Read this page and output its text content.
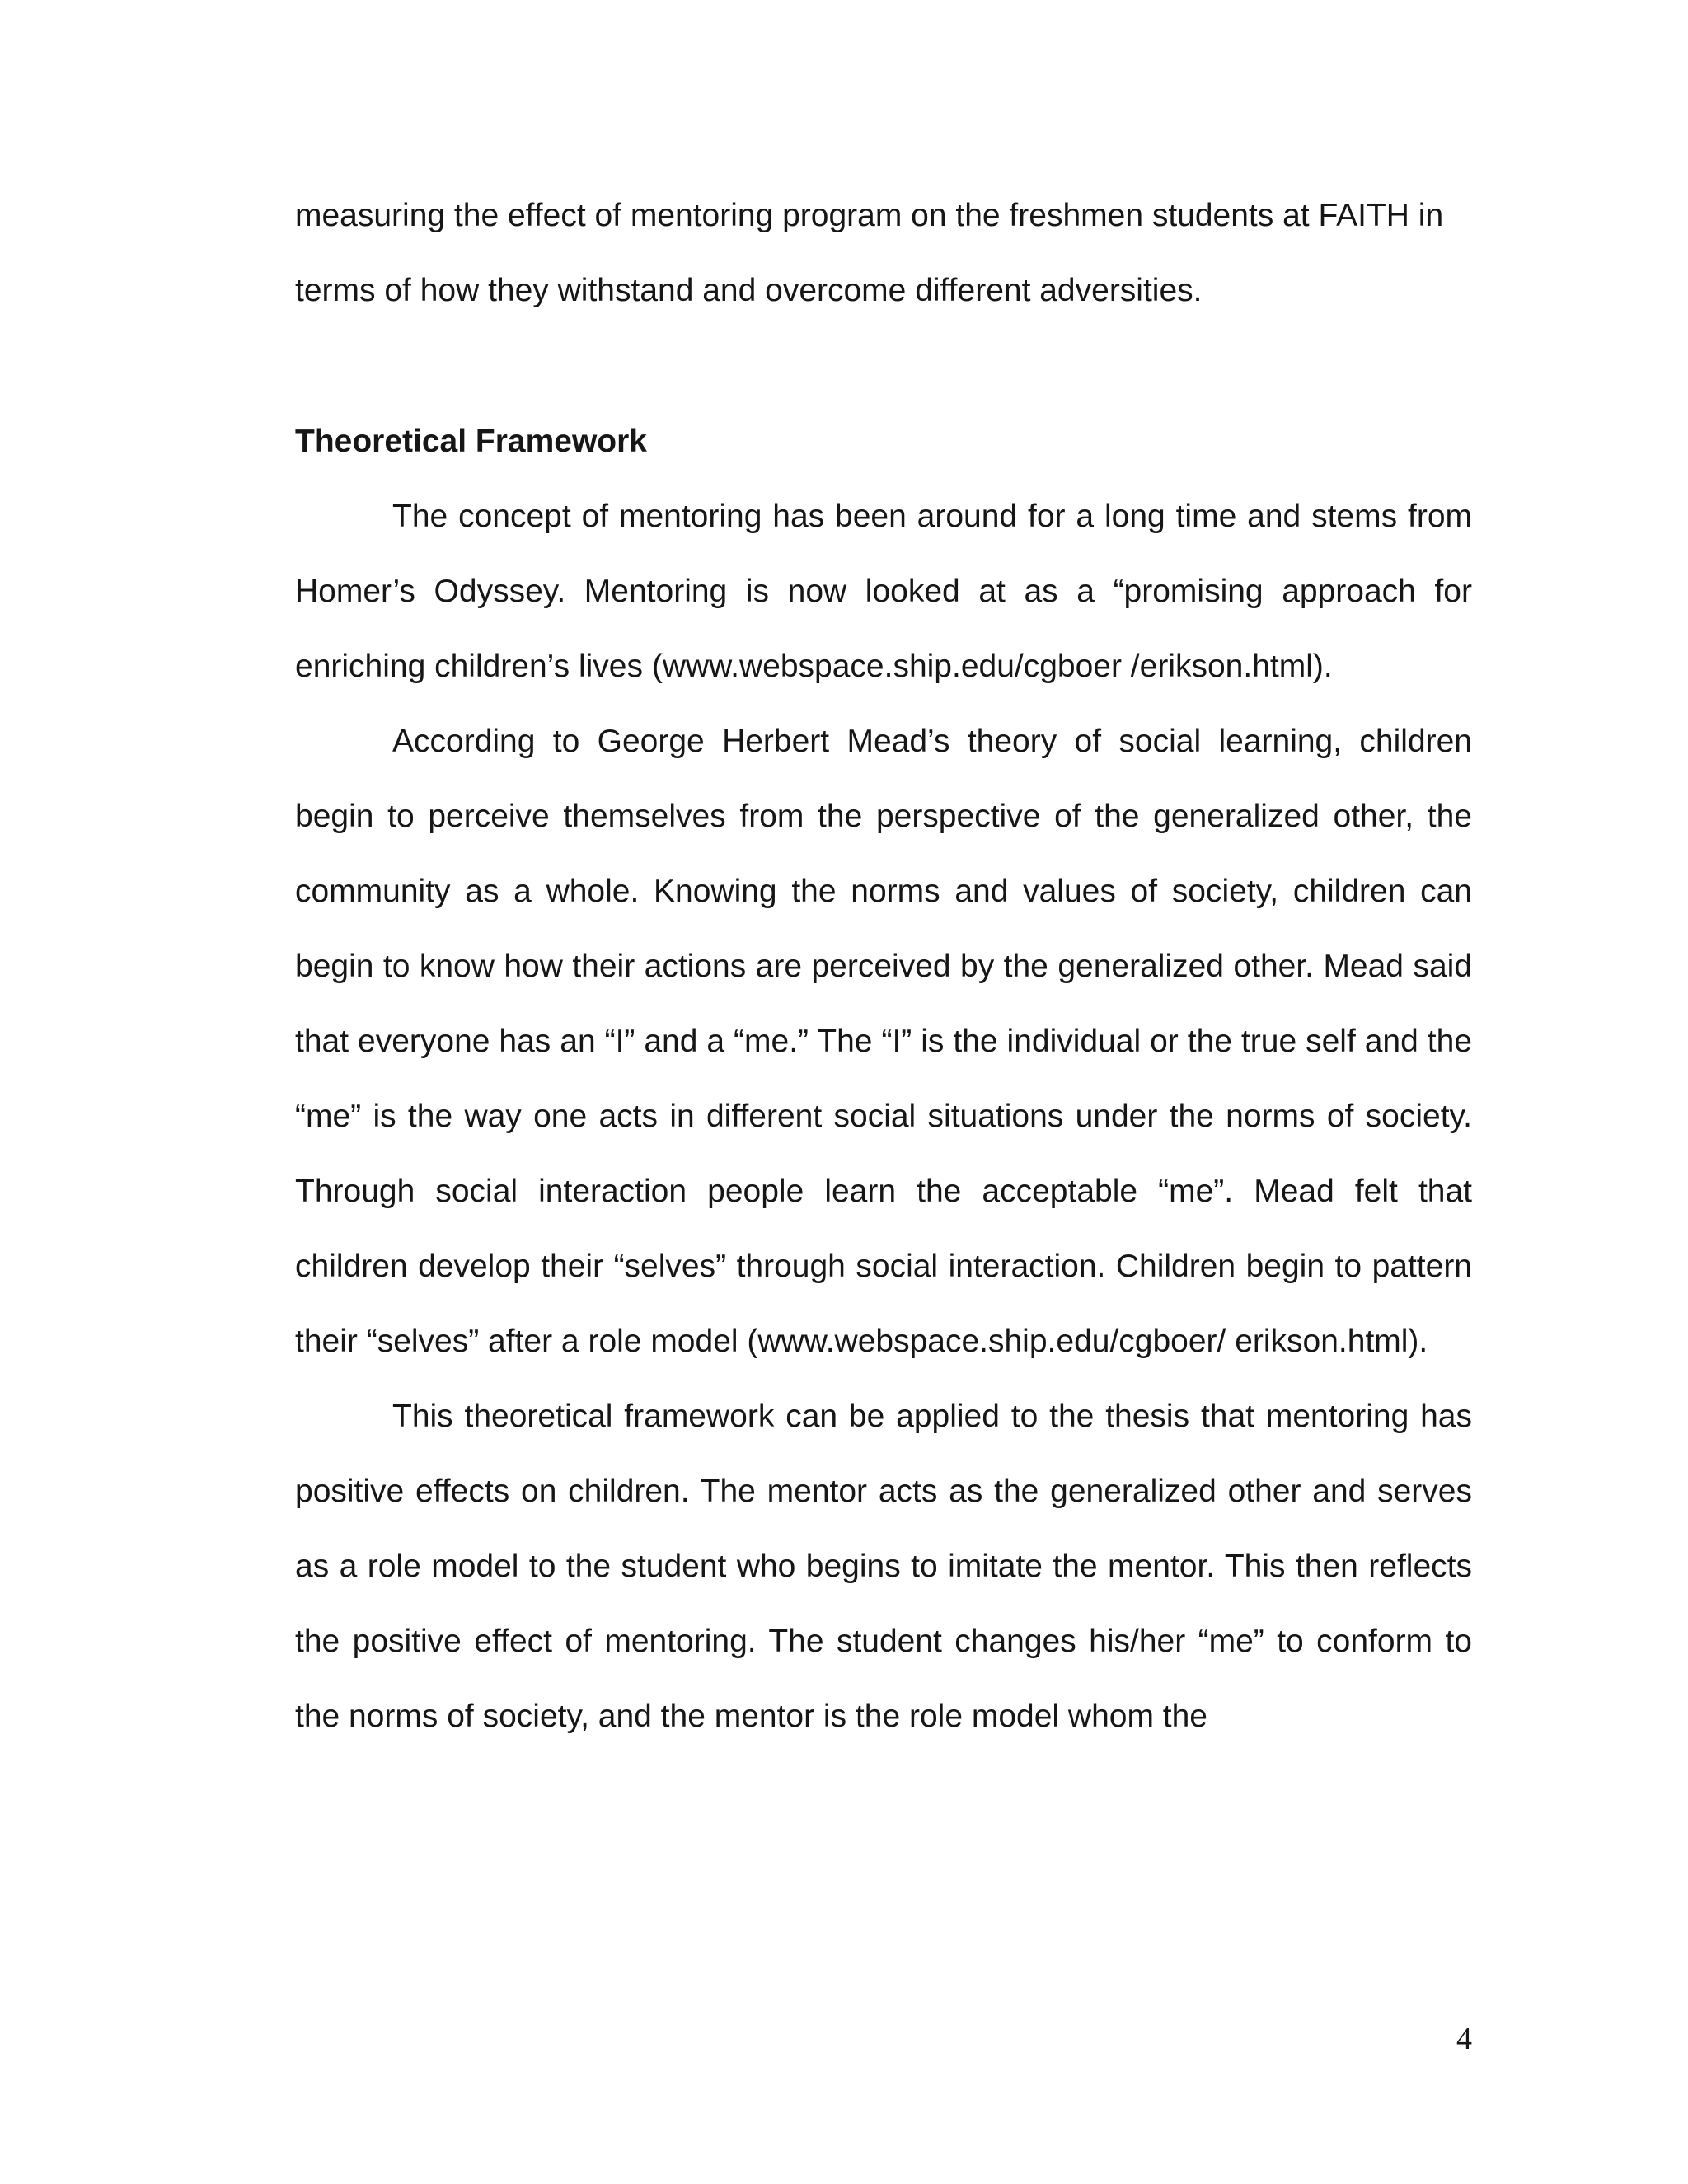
measuring the effect of mentoring program on the freshmen students at FAITH in terms of how they withstand and overcome different adversities.

Theoretical Framework

The concept of mentoring has been around for a long time and stems from Homer’s Odyssey. Mentoring is now looked at as a “promising approach for enriching children’s lives (www.webspace.ship.edu/cgboer /erikson.html).

According to George Herbert Mead’s theory of social learning, children begin to perceive themselves from the perspective of the generalized other, the community as a whole. Knowing the norms and values of society, children can begin to know how their actions are perceived by the generalized other. Mead said that everyone has an “I” and a “me.” The “I” is the individual or the true self and the “me” is the way one acts in different social situations under the norms of society. Through social interaction people learn the acceptable “me”. Mead felt that children develop their “selves” through social interaction. Children begin to pattern their “selves” after a role model (www.webspace.ship.edu/cgboer/ erikson.html).

This theoretical framework can be applied to the thesis that mentoring has positive effects on children. The mentor acts as the generalized other and serves as a role model to the student who begins to imitate the mentor. This then reflects the positive effect of mentoring. The student changes his/her “me” to conform to the norms of society, and the mentor is the role model whom the

4
